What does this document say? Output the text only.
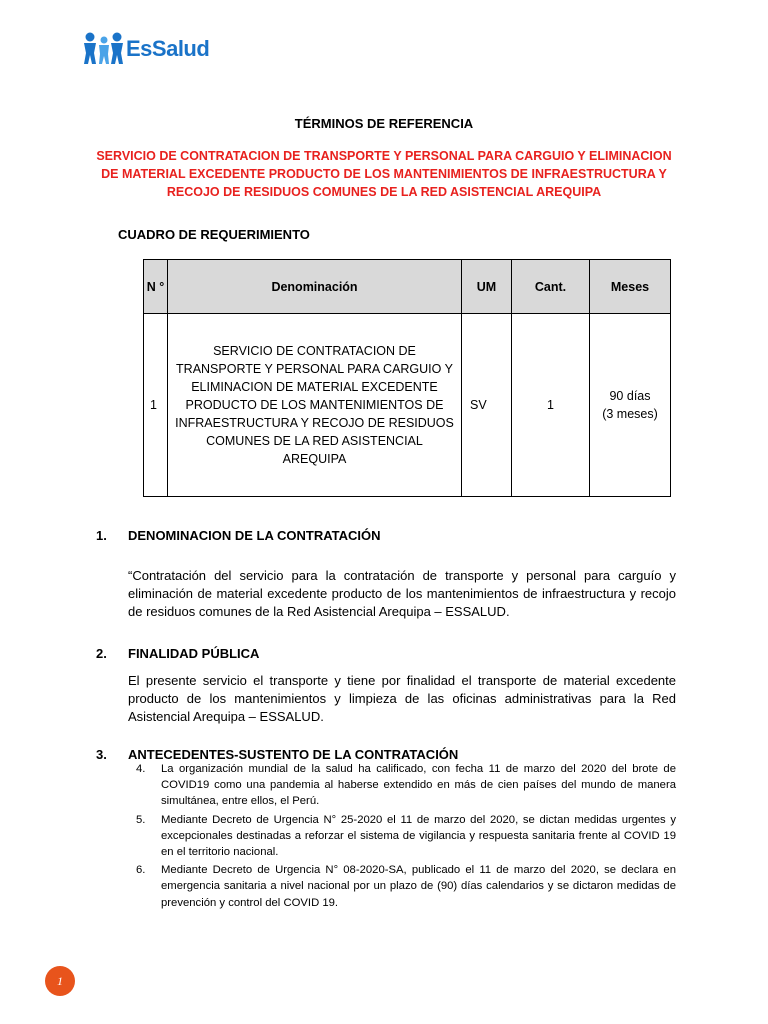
EsSalud
TÉRMINOS DE REFERENCIA
SERVICIO DE CONTRATACION DE TRANSPORTE Y PERSONAL PARA CARGUIO Y ELIMINACION DE MATERIAL EXCEDENTE PRODUCTO DE LOS MANTENIMIENTOS DE INFRAESTRUCTURA Y RECOJO DE RESIDUOS COMUNES DE LA RED ASISTENCIAL AREQUIPA
CUADRO DE REQUERIMIENTO
N °	Denominación	UM	Cant.	Meses
1	SERVICIO DE CONTRATACION DE TRANSPORTE Y PERSONAL PARA CARGUIO Y ELIMINACION DE MATERIAL EXCEDENTE PRODUCTO DE LOS MANTENIMIENTOS DE INFRAESTRUCTURA Y RECOJO DE RESIDUOS COMUNES DE LA RED ASISTENCIAL AREQUIPA	SV	1	90 días
(3 meses)
1. DENOMINACION DE LA CONTRATACIÓN
“Contratación del servicio para la contratación de transporte y personal para carguío y eliminación de material excedente producto de los mantenimientos de infraestructura y recojo de residuos comunes de la Red Asistencial Arequipa – ESSALUD.
2. FINALIDAD PÚBLICA
El presente servicio el transporte y tiene por finalidad el transporte de material excedente producto de los mantenimientos y limpieza de las oficinas administrativas para la Red Asistencial Arequipa – ESSALUD.
3. ANTECEDENTES-SUSTENTO DE LA CONTRATACIÓN
4. La organización mundial de la salud ha calificado, con fecha 11 de marzo del 2020 del brote de COVID19 como una pandemia al haberse extendido en más de cien países del mundo de manera simultánea, entre ellos, el Perú.
5. Mediante Decreto de Urgencia N° 25-2020 el 11 de marzo del 2020, se dictan medidas urgentes y excepcionales destinadas a reforzar el sistema de vigilancia y respuesta sanitaria frente al COVID 19 en el territorio nacional.
6. Mediante Decreto de Urgencia N° 08-2020-SA, publicado el 11 de marzo del 2020, se declara en emergencia sanitaria a nivel nacional por un plazo de (90) días calendarios y se dictaron medidas de prevención y control del COVID 19.
1
